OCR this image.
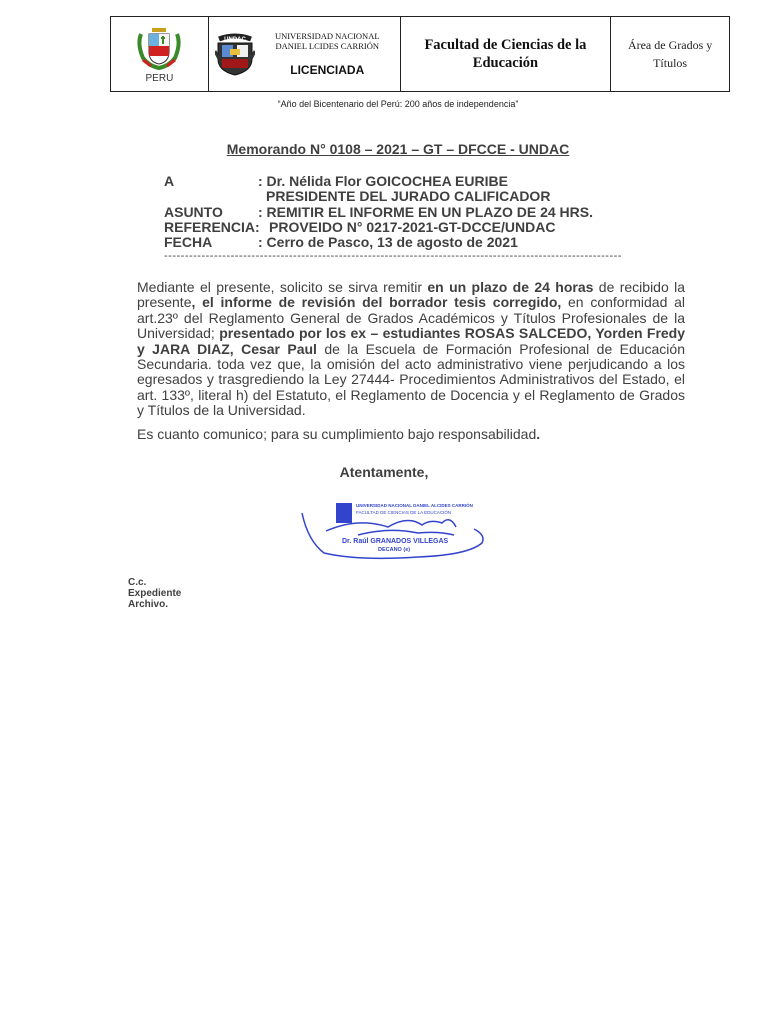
PERU

UNDAC	UNIVERSIDAD NACIONAL
DANIEL LCIDES CARRIÓN
LICENCIADA

Facultad de Ciencias de la
Educación

Área de Grados y
Títulos
“Año del Bicentenario del Perú: 200 años de independencia”
Memorando N° 0108 – 2021 – GT – DFCCE - UNDAC
A	: Dr. Nélida Flor GOICOCHEA EURIBE
PRESIDENTE DEL JURADO CALIFICADOR
ASUNTO	: REMITIR EL INFORME EN UN PLAZO DE 24 HRS.
REFERENCIA: PROVEIDO N° 0217-2021-GT-DCCE/UNDAC
FECHA	: Cerro de Pasco, 13 de agosto de 2021
--------------------------------------------------------------------------------------------------------------
Mediante el presente, solicito se sirva remitir en un plazo de 24 horas de recibido la presente, el informe de revisión del borrador tesis corregido, en conformidad al art.23º del Reglamento General de Grados Académicos y Títulos Profesionales de la Universidad; presentado por los ex – estudiantes ROSAS SALCEDO, Yorden Fredy y JARA DIAZ, Cesar Paul de la Escuela de Formación Profesional de Educación Secundaria. toda vez que, la omisión del acto administrativo viene perjudicando a los egresados y trasgrediendo la Ley 27444- Procedimientos Administrativos del Estado, el art. 133º, literal h) del Estatuto, el Reglamento de Docencia y el Reglamento de Grados y Títulos de la Universidad.
Es cuanto comunico; para su cumplimiento bajo responsabilidad.
Atentamente,
UNIVERSIDAD NACIONAL DANIEL ALCIDES CARRIÓN
FACULTAD DE CIENCIAS DE LA EDUCACIÓN
Dr. Raúl GRANADOS VILLEGAS
DECANO (e)
C.c.
Expediente
Archivo.
